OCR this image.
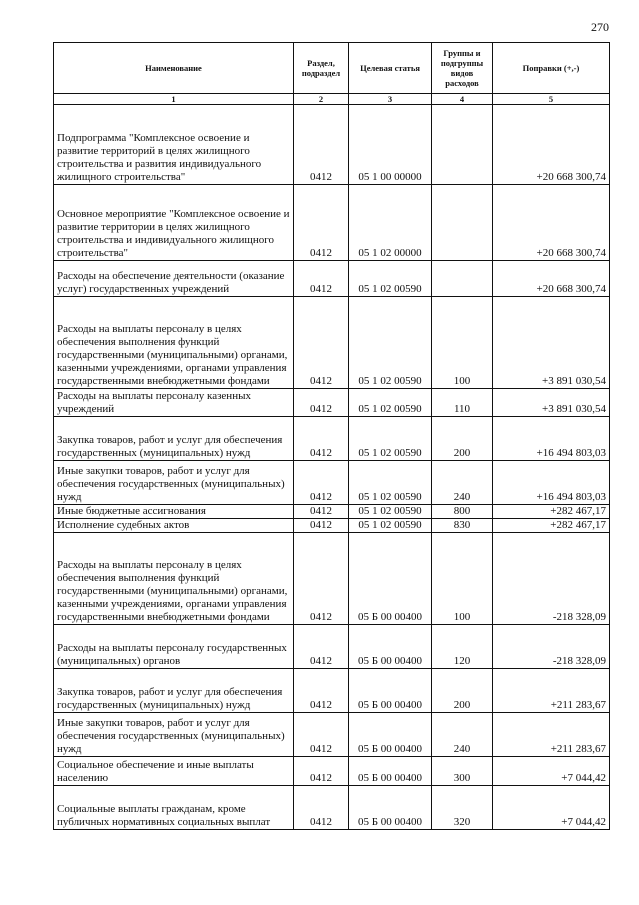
270
Наименование	Раздел, подраздел	Целевая статья	Группы и подгруппы видов расходов	Поправки (+,-)
1	2	3	4	5
Подпрограмма "Комплексное освоение и развитие территорий в целях жилищного строительства и развития индивидуального жилищного строительства"	0412	05 1 00 00000		+20 668 300,74
Основное мероприятие "Комплексное освоение и развитие территории в целях жилищного строительства и индивидуального жилищного строительства"	0412	05 1 02 00000		+20 668 300,74
Расходы на обеспечение деятельности (оказание услуг) государственных учреждений	0412	05 1 02 00590		+20 668 300,74
Расходы на выплаты персоналу в целях обеспечения выполнения функций государственными (муниципальными) органами, казенными учреждениями, органами управления государственными внебюджетными фондами	0412	05 1 02 00590	100	+3 891 030,54
Расходы на выплаты персоналу казенных учреждений	0412	05 1 02 00590	110	+3 891 030,54
Закупка товаров, работ и услуг для обеспечения государственных (муниципальных) нужд	0412	05 1 02 00590	200	+16 494 803,03
Иные закупки товаров, работ и услуг для обеспечения государственных (муниципальных) нужд	0412	05 1 02 00590	240	+16 494 803,03
Иные бюджетные ассигнования	0412	05 1 02 00590	800	+282 467,17
Исполнение судебных актов	0412	05 1 02 00590	830	+282 467,17
Расходы на выплаты персоналу в целях обеспечения выполнения функций государственными (муниципальными) органами, казенными учреждениями, органами управления государственными внебюджетными фондами	0412	05 Б 00 00400	100	-218 328,09
Расходы на выплаты персоналу государственных (муниципальных) органов	0412	05 Б 00 00400	120	-218 328,09
Закупка товаров, работ и услуг для обеспечения государственных (муниципальных) нужд	0412	05 Б 00 00400	200	+211 283,67
Иные закупки товаров, работ и услуг для обеспечения государственных (муниципальных) нужд	0412	05 Б 00 00400	240	+211 283,67
Социальное обеспечение и иные выплаты населению	0412	05 Б 00 00400	300	+7 044,42
Социальные выплаты гражданам, кроме публичных нормативных социальных выплат	0412	05 Б 00 00400	320	+7 044,42
